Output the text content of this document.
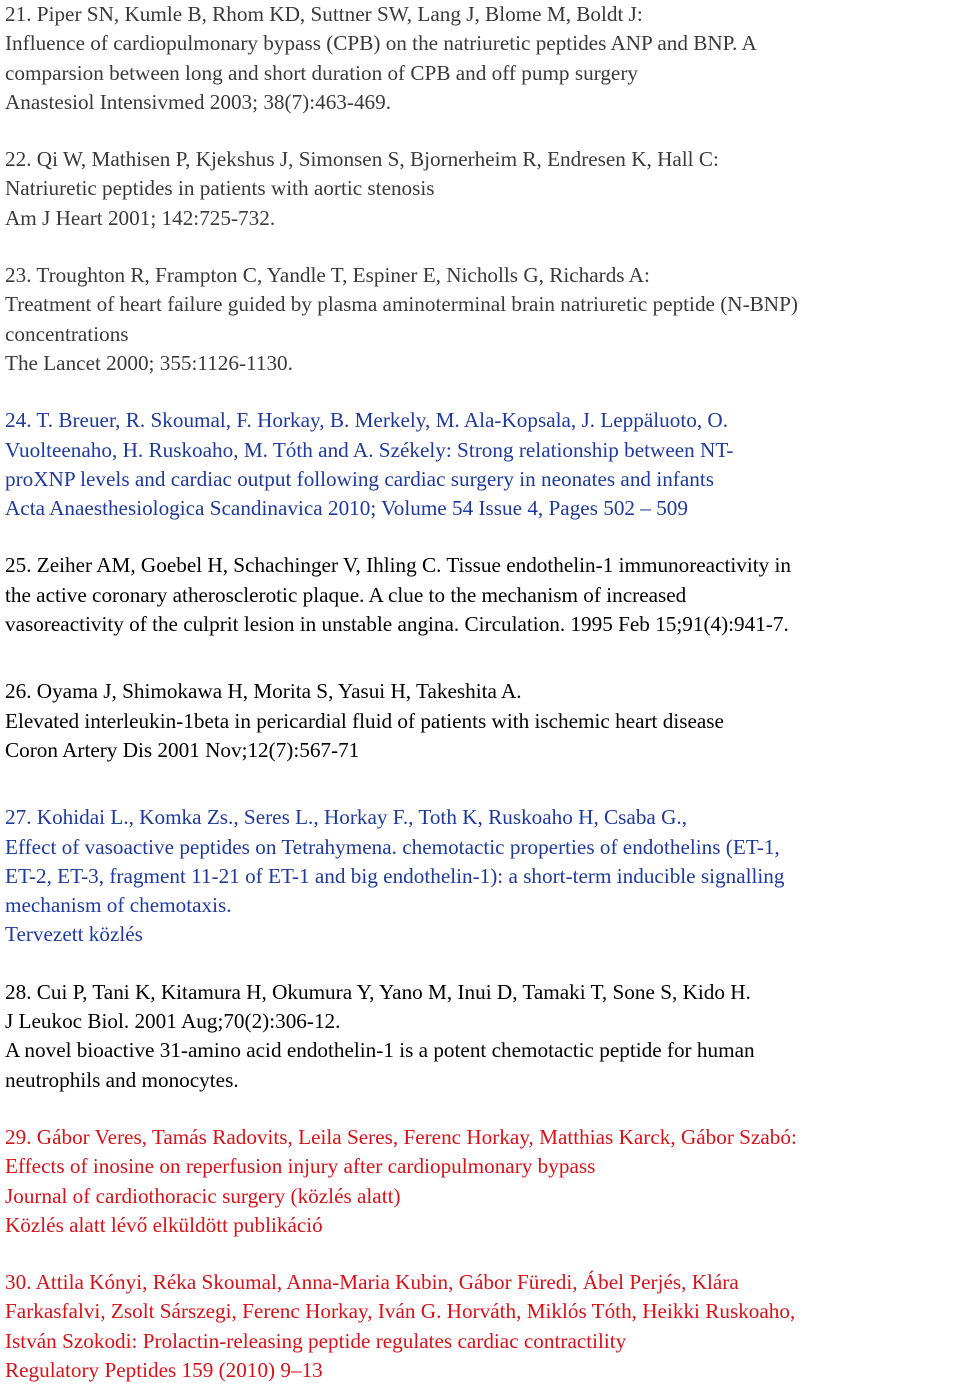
21. Piper SN, Kumle B, Rhom KD, Suttner SW, Lang J, Blome M, Boldt J:
Influence of cardiopulmonary bypass (CPB) on the natriuretic peptides ANP and BNP. A
comparsion between long and short duration of CPB and off pump surgery
Anastesiol Intensivmed 2003; 38(7):463-469.
22. Qi W, Mathisen P, Kjekshus J, Simonsen S, Bjornerheim R, Endresen K, Hall C:
Natriuretic peptides in patients with aortic stenosis
Am J Heart 2001; 142:725-732.
23. Troughton R, Frampton C, Yandle T, Espiner E, Nicholls G, Richards A:
Treatment of heart failure guided by plasma aminoterminal brain natriuretic peptide (N-BNP)
concentrations
The Lancet 2000; 355:1126-1130.
24. T. Breuer, R. Skoumal, F. Horkay, B. Merkely, M. Ala-Kopsala, J. Leppäluoto, O.
Vuolteenaho, H. Ruskoaho, M. Tóth and A. Székely: Strong relationship between NT-
proXNP levels and cardiac output following cardiac surgery in neonates and infants
Acta Anaesthesiologica Scandinavica 2010; Volume 54 Issue 4, Pages 502 – 509
25. Zeiher AM, Goebel H, Schachinger V, Ihling C. Tissue endothelin-1 immunoreactivity in
the active coronary atherosclerotic plaque. A clue to the mechanism of increased
vasoreactivity of the culprit lesion in unstable angina. Circulation. 1995 Feb 15;91(4):941-7.
26. Oyama J, Shimokawa H, Morita S, Yasui H, Takeshita A.
Elevated interleukin-1beta in pericardial fluid of patients with ischemic heart disease
Coron Artery Dis 2001 Nov;12(7):567-71
27. Kohidai L., Komka Zs., Seres L., Horkay F., Toth K, Ruskoaho H, Csaba G.,
Effect of vasoactive peptides on Tetrahymena. chemotactic properties of endothelins (ET-1,
ET-2, ET-3, fragment 11-21 of ET-1 and big endothelin-1): a short-term inducible signalling
mechanism of chemotaxis.
Tervezett közlés
28. Cui P, Tani K, Kitamura H, Okumura Y, Yano M, Inui D, Tamaki T, Sone S, Kido H.
J Leukoc Biol. 2001 Aug;70(2):306-12.
A novel bioactive 31-amino acid endothelin-1 is a potent chemotactic peptide for human
neutrophils and monocytes.
29. Gábor Veres, Tamás Radovits, Leila Seres, Ferenc Horkay, Matthias Karck, Gábor Szabó:
Effects of inosine on reperfusion injury after cardiopulmonary bypass
Journal of cardiothoracic surgery (közlés alatt)
Közlés alatt lévő elküldött publikáció
30. Attila Kónyi, Réka Skoumal, Anna-Maria Kubin, Gábor Füredi, Ábel Perjés, Klára
Farkasfalvi, Zsolt Sárszegi, Ferenc Horkay, Iván G. Horváth, Miklós Tóth, Heikki Ruskoaho,
István Szokodi: Prolactin-releasing peptide regulates cardiac contractility
Regulatory Peptides 159 (2010) 9–13
